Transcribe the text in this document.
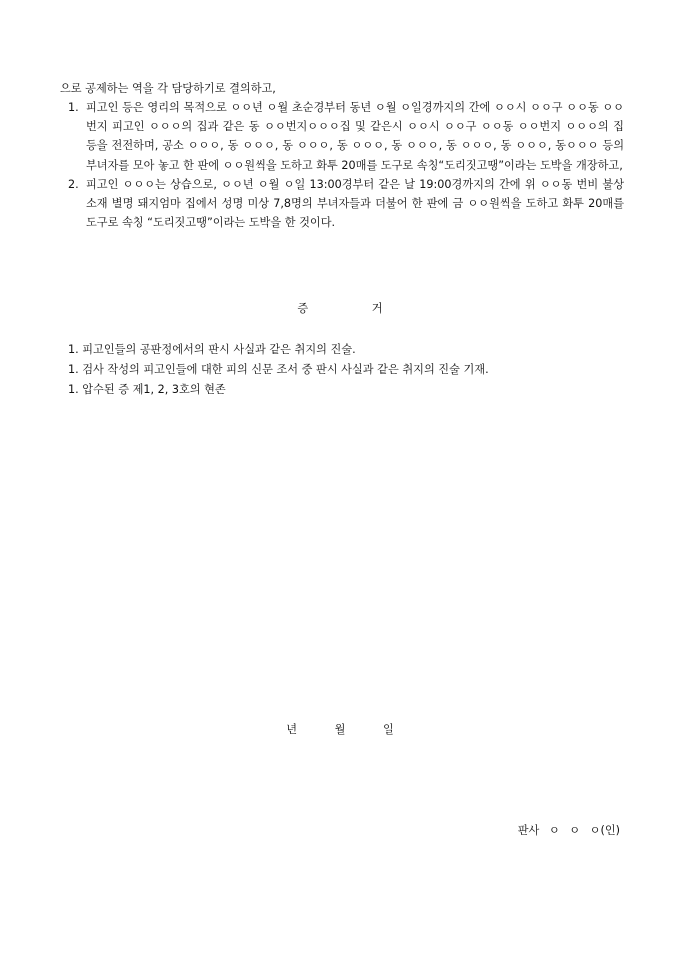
으로 공제하는 역을 각 담당하기로 결의하고,
1. 피고인 등은 영리의 목적으로 ㅇㅇ년 ㅇ월 초순경부터 동년 ㅇ월 ㅇ일경까지의 간에 ㅇㅇ시 ㅇㅇ구 ㅇㅇ동 ㅇㅇ번지 피고인 ㅇㅇㅇ의 집과 같은 동 ㅇㅇ번지ㅇㅇㅇ집 및 같은시 ㅇㅇ시 ㅇㅇ구 ㅇㅇ동 ㅇㅇ번지 ㅇㅇㅇ의 집 등을 전전하며, 공소 ㅇㅇㅇ, 동 ㅇㅇㅇ, 동 ㅇㅇㅇ, 동 ㅇㅇㅇ, 동 ㅇㅇㅇ, 동 ㅇㅇㅇ, 동 ㅇㅇㅇ, 동ㅇㅇㅇ 등의 부녀자를 모아 놓고 한 판에 ㅇㅇ원씩을 도하고 화투 20매를 도구로 속칭“도리짓고땡”이라는 도박을 개장하고,
2. 피고인 ㅇㅇㅇ는 상습으로, ㅇㅇ년 ㅇ월 ㅇ일 13:00경부터 같은 날 19:00경까지의 간에 위 ㅇㅇ동 번비 불상 소재 별명 돼지엄마 집에서 성명 미상 7,8명의 부녀자들과 더불어 한 판에 금 ㅇㅇ원씩을 도하고 화투 20매를 도구로 속칭 “도리짓고땡”이라는 도박을 한 것이다.
증 거
1. 피고인들의 공판정에서의 판시 사실과 같은 취지의 진술.
1. 검사 작성의 피고인들에 대한 피의 신문 조서 중 판시 사실과 같은 취지의 진술 기재.
1. 압수된 증 제1, 2, 3호의 현존
년 월 일
판사 ㅇ ㅇ ㅇ(인)
